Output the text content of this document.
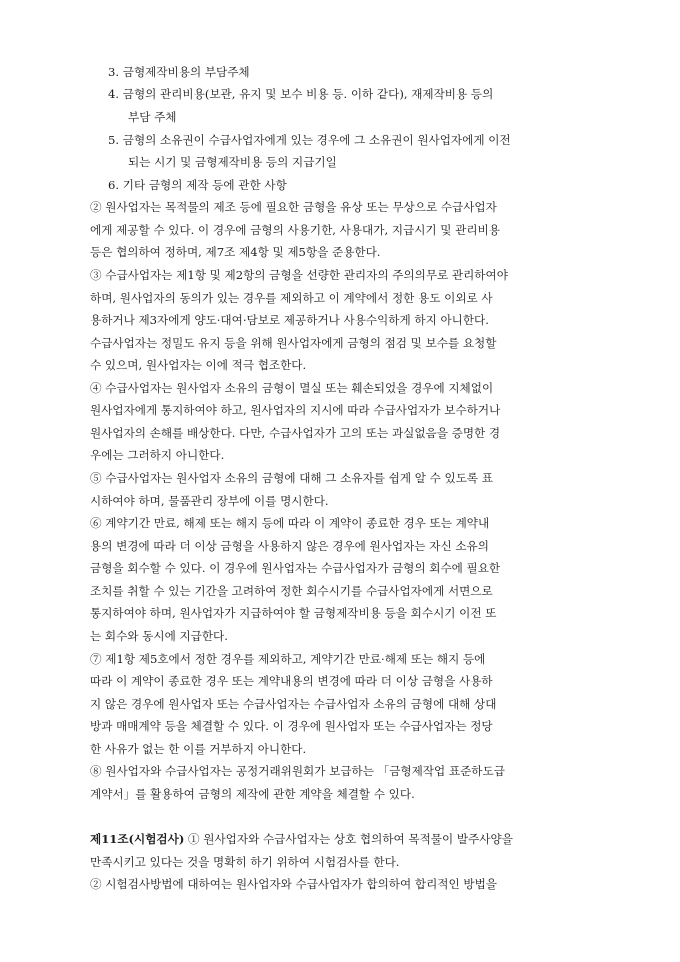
3. 금형제작비용의 부담주체
4. 금형의 관리비용(보관, 유지 및 보수 비용 등. 이하 같다), 재제작비용 등의
부담 주체
5. 금형의 소유권이 수급사업자에게 있는 경우에 그 소유권이 원사업자에게 이전
되는 시기 및 금형제작비용 등의 지급기일
6. 기타 금형의 제작 등에 관한 사항
② 원사업자는 목적물의 제조 등에 필요한 금형을 유상 또는 무상으로 수급사업자
에게 제공할 수 있다. 이 경우에 금형의 사용기한, 사용대가, 지급시기 및 관리비용
등은 협의하여 정하며, 제7조 제4항 및 제5항을 준용한다.
③ 수급사업자는 제1항 및 제2항의 금형을 선량한 관리자의 주의의무로 관리하여야
하며, 원사업자의 동의가 있는 경우를 제외하고 이 계약에서 정한 용도 이외로 사
용하거나 제3자에게 양도·대여·담보로 제공하거나 사용수익하게 하지 아니한다.
수급사업자는 정밀도 유지 등을 위해 원사업자에게 금형의 점검 및 보수를 요청할
수 있으며, 원사업자는 이에 적극 협조한다.
④ 수급사업자는 원사업자 소유의 금형이 멸실 또는 훼손되었을 경우에 지체없이
원사업자에게 통지하여야 하고, 원사업자의 지시에 따라 수급사업자가 보수하거나
원사업자의 손해를 배상한다. 다만, 수급사업자가 고의 또는 과실없음을 증명한 경
우에는 그러하지 아니한다.
⑤ 수급사업자는 원사업자 소유의 금형에 대해 그 소유자를 쉽게 알 수 있도록 표
시하여야 하며, 물품관리 장부에 이를 명시한다.
⑥ 계약기간 만료, 해제 또는 해지 등에 따라 이 계약이 종료한 경우 또는 계약내
용의 변경에 따라 더 이상 금형을 사용하지 않은 경우에 원사업자는 자신 소유의
금형을 회수할 수 있다. 이 경우에 원사업자는 수급사업자가 금형의 회수에 필요한
조치를 취할 수 있는 기간을 고려하여 정한 회수시기를 수급사업자에게 서면으로
통지하여야 하며, 원사업자가 지급하여야 할 금형제작비용 등을 회수시기 이전 또
는 회수와 동시에 지급한다.
⑦ 제1항 제5호에서 정한 경우를 제외하고, 계약기간 만료·해제 또는 해지 등에
따라 이 계약이 종료한 경우 또는 계약내용의 변경에 따라 더 이상 금형을 사용하
지 않은 경우에 원사업자 또는 수급사업자는 수급사업자 소유의 금형에 대해 상대
방과 매매계약 등을 체결할 수 있다. 이 경우에 원사업자 또는 수급사업자는 정당
한 사유가 없는 한 이를 거부하지 아니한다.
⑧ 원사업자와 수급사업자는 공정거래위원회가 보급하는 「금형제작업 표준하도급
계약서」를 활용하여 금형의 제작에 관한 계약을 체결할 수 있다.
제11조(시험검사) ① 원사업자와 수급사업자는 상호 협의하여 목적물이 발주사양을
만족시키고 있다는 것을 명확히 하기 위하여 시험검사를 한다.
② 시험검사방법에 대하여는 원사업자와 수급사업자가 합의하여 합리적인 방법을
